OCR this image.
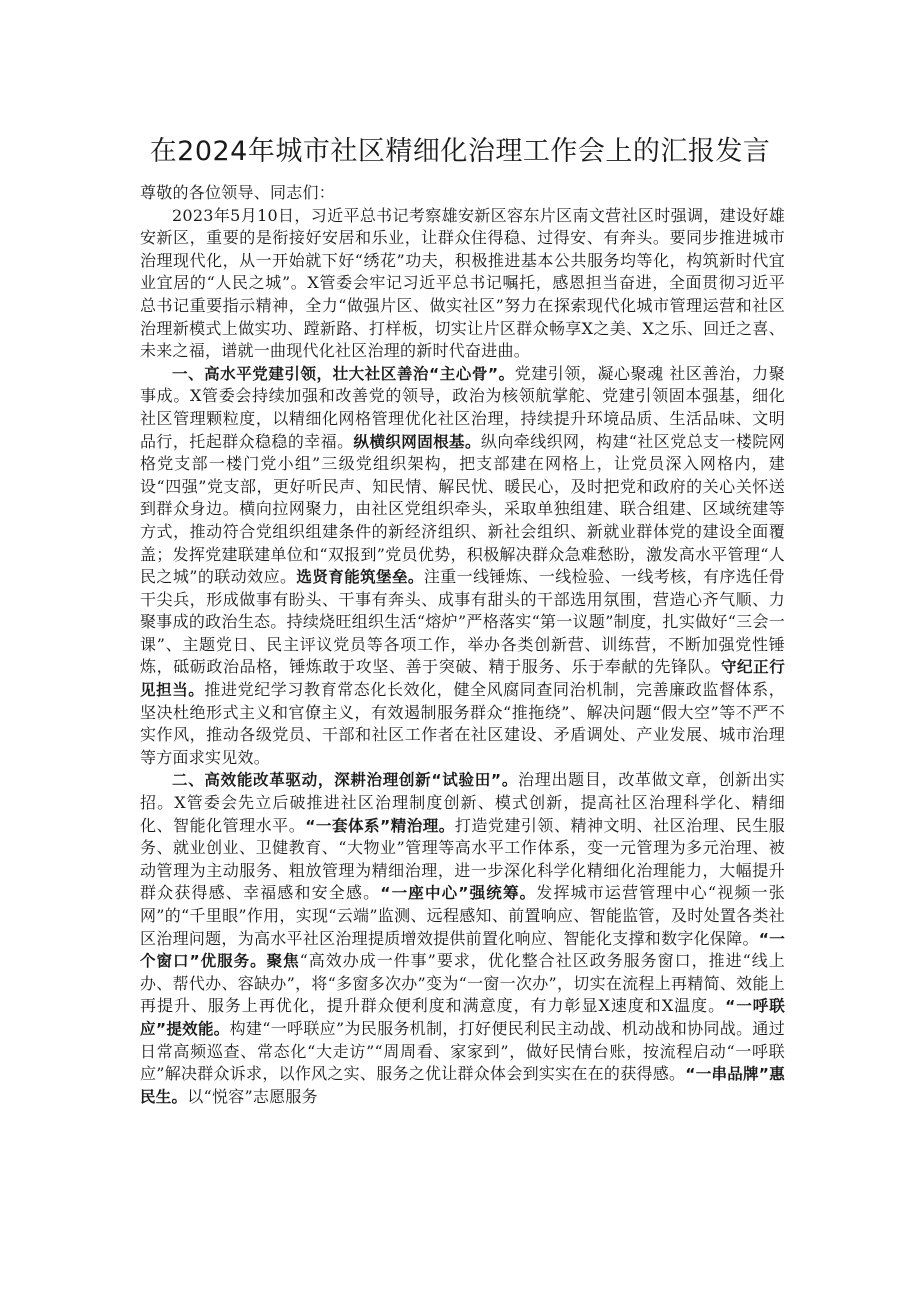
在2024年城市社区精细化治理工作会上的汇报发言

尊敬的各位领导、同志们：

2023年5月10日，习近平总书记考察雄安新区容东片区南文营社区时强调，建设好雄安新区，重要的是衔接好安居和乐业，让群众住得稳、过得安、有奔头。要同步推进城市治理现代化，从一开始就下好“绣花”功夫，积极推进基本公共服务均等化，构筑新时代宜业宜居的“人民之城”。X管委会牢记习近平总书记嘱托，感恩担当奋进，全面贯彻习近平总书记重要指示精神，全力“做强片区、做实社区”努力在探索现代化城市管理运营和社区治理新模式上做实功、蹚新路、打样板，切实让片区群众畅享X之美、X之乐、回迁之喜、未来之福，谱就一曲现代化社区治理的新时代奋进曲。

一、高水平党建引领，壮大社区善治“主心骨”。党建引领，凝心聚魂 社区善治，力聚事成。X管委会持续加强和改善党的领导，政治为核领航掌舵、党建引领固本强基，细化社区管理颗粒度，以精细化网格管理优化社区治理，持续提升环境品质、生活品味、文明品行，托起群众稳稳的幸福。纵横织网固根基。纵向牵线织网，构建“社区党总支一楼院网格党支部一楼门党小组”三级党组织架构，把支部建在网格上，让党员深入网格内，建设“四强”党支部，更好听民声、知民情、解民忧、暖民心，及时把党和政府的关心关怀送到群众身边。横向拉网聚力，由社区党组织牵头，采取单独组建、联合组建、区域统建等方式，推动符合党组织组建条件的新经济组织、新社会组织、新就业群体党的建设全面覆盖；发挥党建联建单位和“双报到”党员优势，积极解决群众急难愁盼，激发高水平管理“人民之城”的联动效应。选贤育能筑堡垒。注重一线锤炼、一线检验、一线考核，有序选任骨干尖兵，形成做事有盼头、干事有奔头、成事有甜头的干部选用氛围，营造心齐气顺、力聚事成的政治生态。持续烧旺组织生活“熔炉”严格落实“第一议题”制度，扎实做好“三会一课”、主题党日、民主评议党员等各项工作，举办各类创新营、训练营，不断加强党性锤炼，砥砺政治品格，锤炼敢于攻坚、善于突破、精于服务、乐于奉献的先锋队。守纪正行见担当。推进党纪学习教育常态化长效化，健全风腐同查同治机制，完善廉政监督体系，坚决杜绝形式主义和官僚主义，有效遏制服务群众“推拖绕”、解决问题“假大空”等不严不实作风，推动各级党员、干部和社区工作者在社区建设、矛盾调处、产业发展、城市治理等方面求实见效。

二、高效能改革驱动，深耕治理创新“试验田”。治理出题目，改革做文章，创新出实招。X管委会先立后破推进社区治理制度创新、模式创新，提高社区治理科学化、精细化、智能化管理水平。“一套体系”精治理。打造党建引领、精神文明、社区治理、民生服务、就业创业、卫健教育、“大物业”管理等高水平工作体系，变一元管理为多元治理、被动管理为主动服务、粗放管理为精细治理，进一步深化科学化精细化治理能力，大幅提升群众获得感、幸福感和安全感。“一座中心”强统筹。发挥城市运营管理中心“视频一张网”的“千里眼”作用，实现“云端”监测、远程感知、前置响应、智能监管，及时处置各类社区治理问题，为高水平社区治理提质增效提供前置化响应、智能化支撑和数字化保障。“一个窗口”优服务。聚焦“高效办成一件事”要求，优化整合社区政务服务窗口，推进“线上办、帮代办、容缺办”，将“多窗多次办”变为“一窗一次办”，切实在流程上再精简、效能上再提升、服务上再优化，提升群众便利度和满意度，有力彰显X速度和X温度。“一呼联应”提效能。构建“一呼联应”为民服务机制，打好便民利民主动战、机动战和协同战。通过日常高频巡查、常态化“大走访”“周周看、家家到”，做好民情台账，按流程启动“一呼联应”解决群众诉求，以作风之实、服务之优让群众体会到实实在在的获得感。“一串品牌”惠民生。以“悦容”志愿服务
